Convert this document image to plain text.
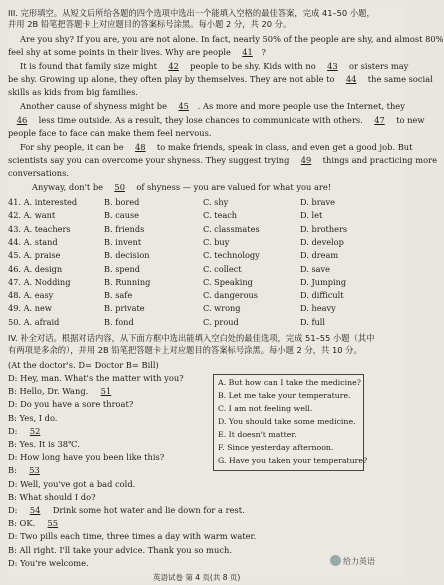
III. 完形填空。从短文后所给各题的四个选项中选出一个能填入空格的最佳答案，完成 41–50 小题，
并用 2B 铅笔把答题卡上对应题目的答案标号涂黑。每小题 2 分，共 20 分。
Are you shy? If you are, you are not alone. In fact, nearly 50% of the people are shy, and almost 80%
feel shy at some points in their lives. Why are people 41 ?
It is found that family size might 42 people to be shy. Kids with no 43 or sisters may
be shy. Growing up alone, they often play by themselves. They are not able to 44 the same social
skills as kids from big families.
Another cause of shyness might be 45 . As more and more people use the Internet, they
46 less time outside. As a result, they lose chances to communicate with others. 47 to new
people face to face can make them feel nervous.
For shy people, it can be 48 to make friends, speak in class, and even get a good job. But
scientists say you can overcome your shyness. They suggest trying 49 things and practicing more
conversations.
Anyway, don't be 50 of shyness — you are valued for what you are!
41. A. interested	B. bored	C. shy	D. brave
42. A. want	B. cause	C. teach	D. let
43. A. teachers	B. friends	C. classmates	D. brothers
44. A. stand	B. invent	C. buy	D. develop
45. A. praise	B. decision	C. technology	D. dream
46. A. design	B. spend	C. collect	D. save
47. A. Nodding	B. Running	C. Speaking	D. Jumping
48. A. easy	B. safe	C. dangerous	D. difficult
49. A. new	B. private	C. wrong	D. heavy
50. A. afraid	B. fond	C. proud	D. full
IV. 补全对话。根据对话内容，从下面方框中选出能填入空白处的最佳选项，完成 51–55 小题（其中
有两项是多余的），并用 2B 铅笔把答题卡上对应题目的答案标号涂黑。每小题 2 分，共 10 分。
(At the doctor's. D= Doctor B= Bill)
D: Hey, man. What's the matter with you?
B: Hello, Dr. Wang. 51
D: Do you have a sore throat?
B: Yes, I do.
D: 52
B: Yes. It is 38℃.
D: How long have you been like this?
B: 53
D: Well, you've got a bad cold.
B: What should I do?
D: 54 Drink some hot water and lie down for a rest.
B: OK. 55
D: Two pills each time, three times a day with warm water.
B: All right. I'll take your advice. Thank you so much.
D: You're welcome.
A. But how can I take the medicine?
B. Let me take your temperature.
C. I am not feeling well.
D. You should take some medicine.
E. It doesn't matter.
F. Since yesterday afternoon.
G. Have you taken your temperature?
给力英语
英语试卷 第 4 页(共 8 页)
